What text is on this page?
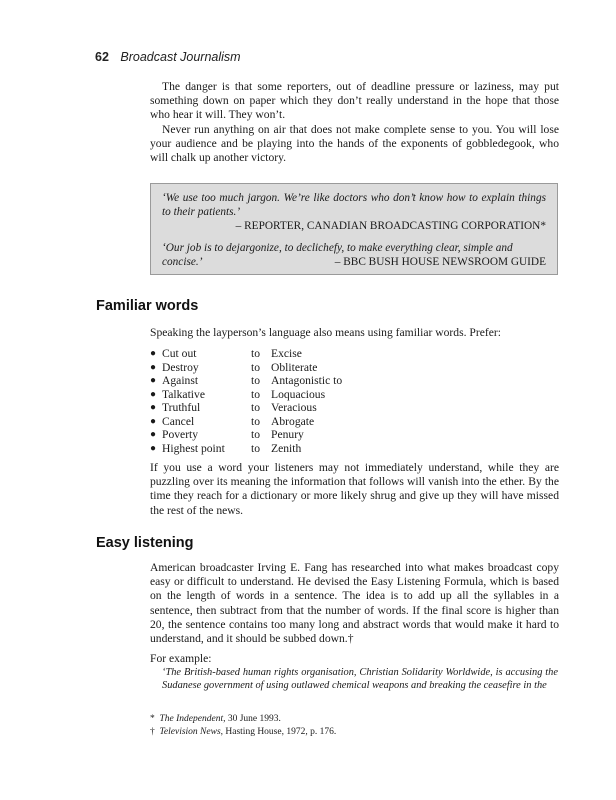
62 Broadcast Journalism

The danger is that some reporters, out of deadline pressure or laziness, may put something down on paper which they don’t really understand in the hope that those who hear it will. They won’t.

Never run anything on air that does not make complete sense to you. You will lose your audience and be playing into the hands of the exponents of gobbledegook, who will chalk up another victory.

‘We use too much jargon. We’re like doctors who don’t know how to explain things to their patients.’
– REPORTER, CANADIAN BROADCASTING CORPORATION*
‘Our job is to dejargonize, to declichefy, to make everything clear, simple and
concise.’	– BBC BUSH HOUSE NEWSROOM GUIDE
Familiar words

Speaking the layperson’s language also means using familiar words. Prefer:

● Cut out	to Excise
● Destroy	to Obliterate
● Against	to Antagonistic to
● Talkative	to Loquacious
● Truthful	to Veracious
● Cancel	to Abrogate
● Poverty	to Penury
● Highest point	to Zenith

If you use a word your listeners may not immediately understand, while they are puzzling over its meaning the information that follows will vanish into the ether. By the time they reach for a dictionary or more likely shrug and give up they will have missed the rest of the news.

Easy listening

American broadcaster Irving E. Fang has researched into what makes broadcast copy easy or difficult to understand. He devised the Easy Listening Formula, which is based on the length of words in a sentence. The idea is to add up all the syllables in a sentence, then subtract from that the number of words. If the final score is higher than 20, the sentence contains too many long and abstract words that would make it hard to understand, and it should be subbed down.†

For example:

‘The British-based human rights organisation, Christian Solidarity Worldwide, is accusing the Sudanese government of using outlawed chemical weapons and breaking the ceasefire in the
* The Independent, 30 June 1993.
† Television News, Hasting House, 1972, p. 176.
